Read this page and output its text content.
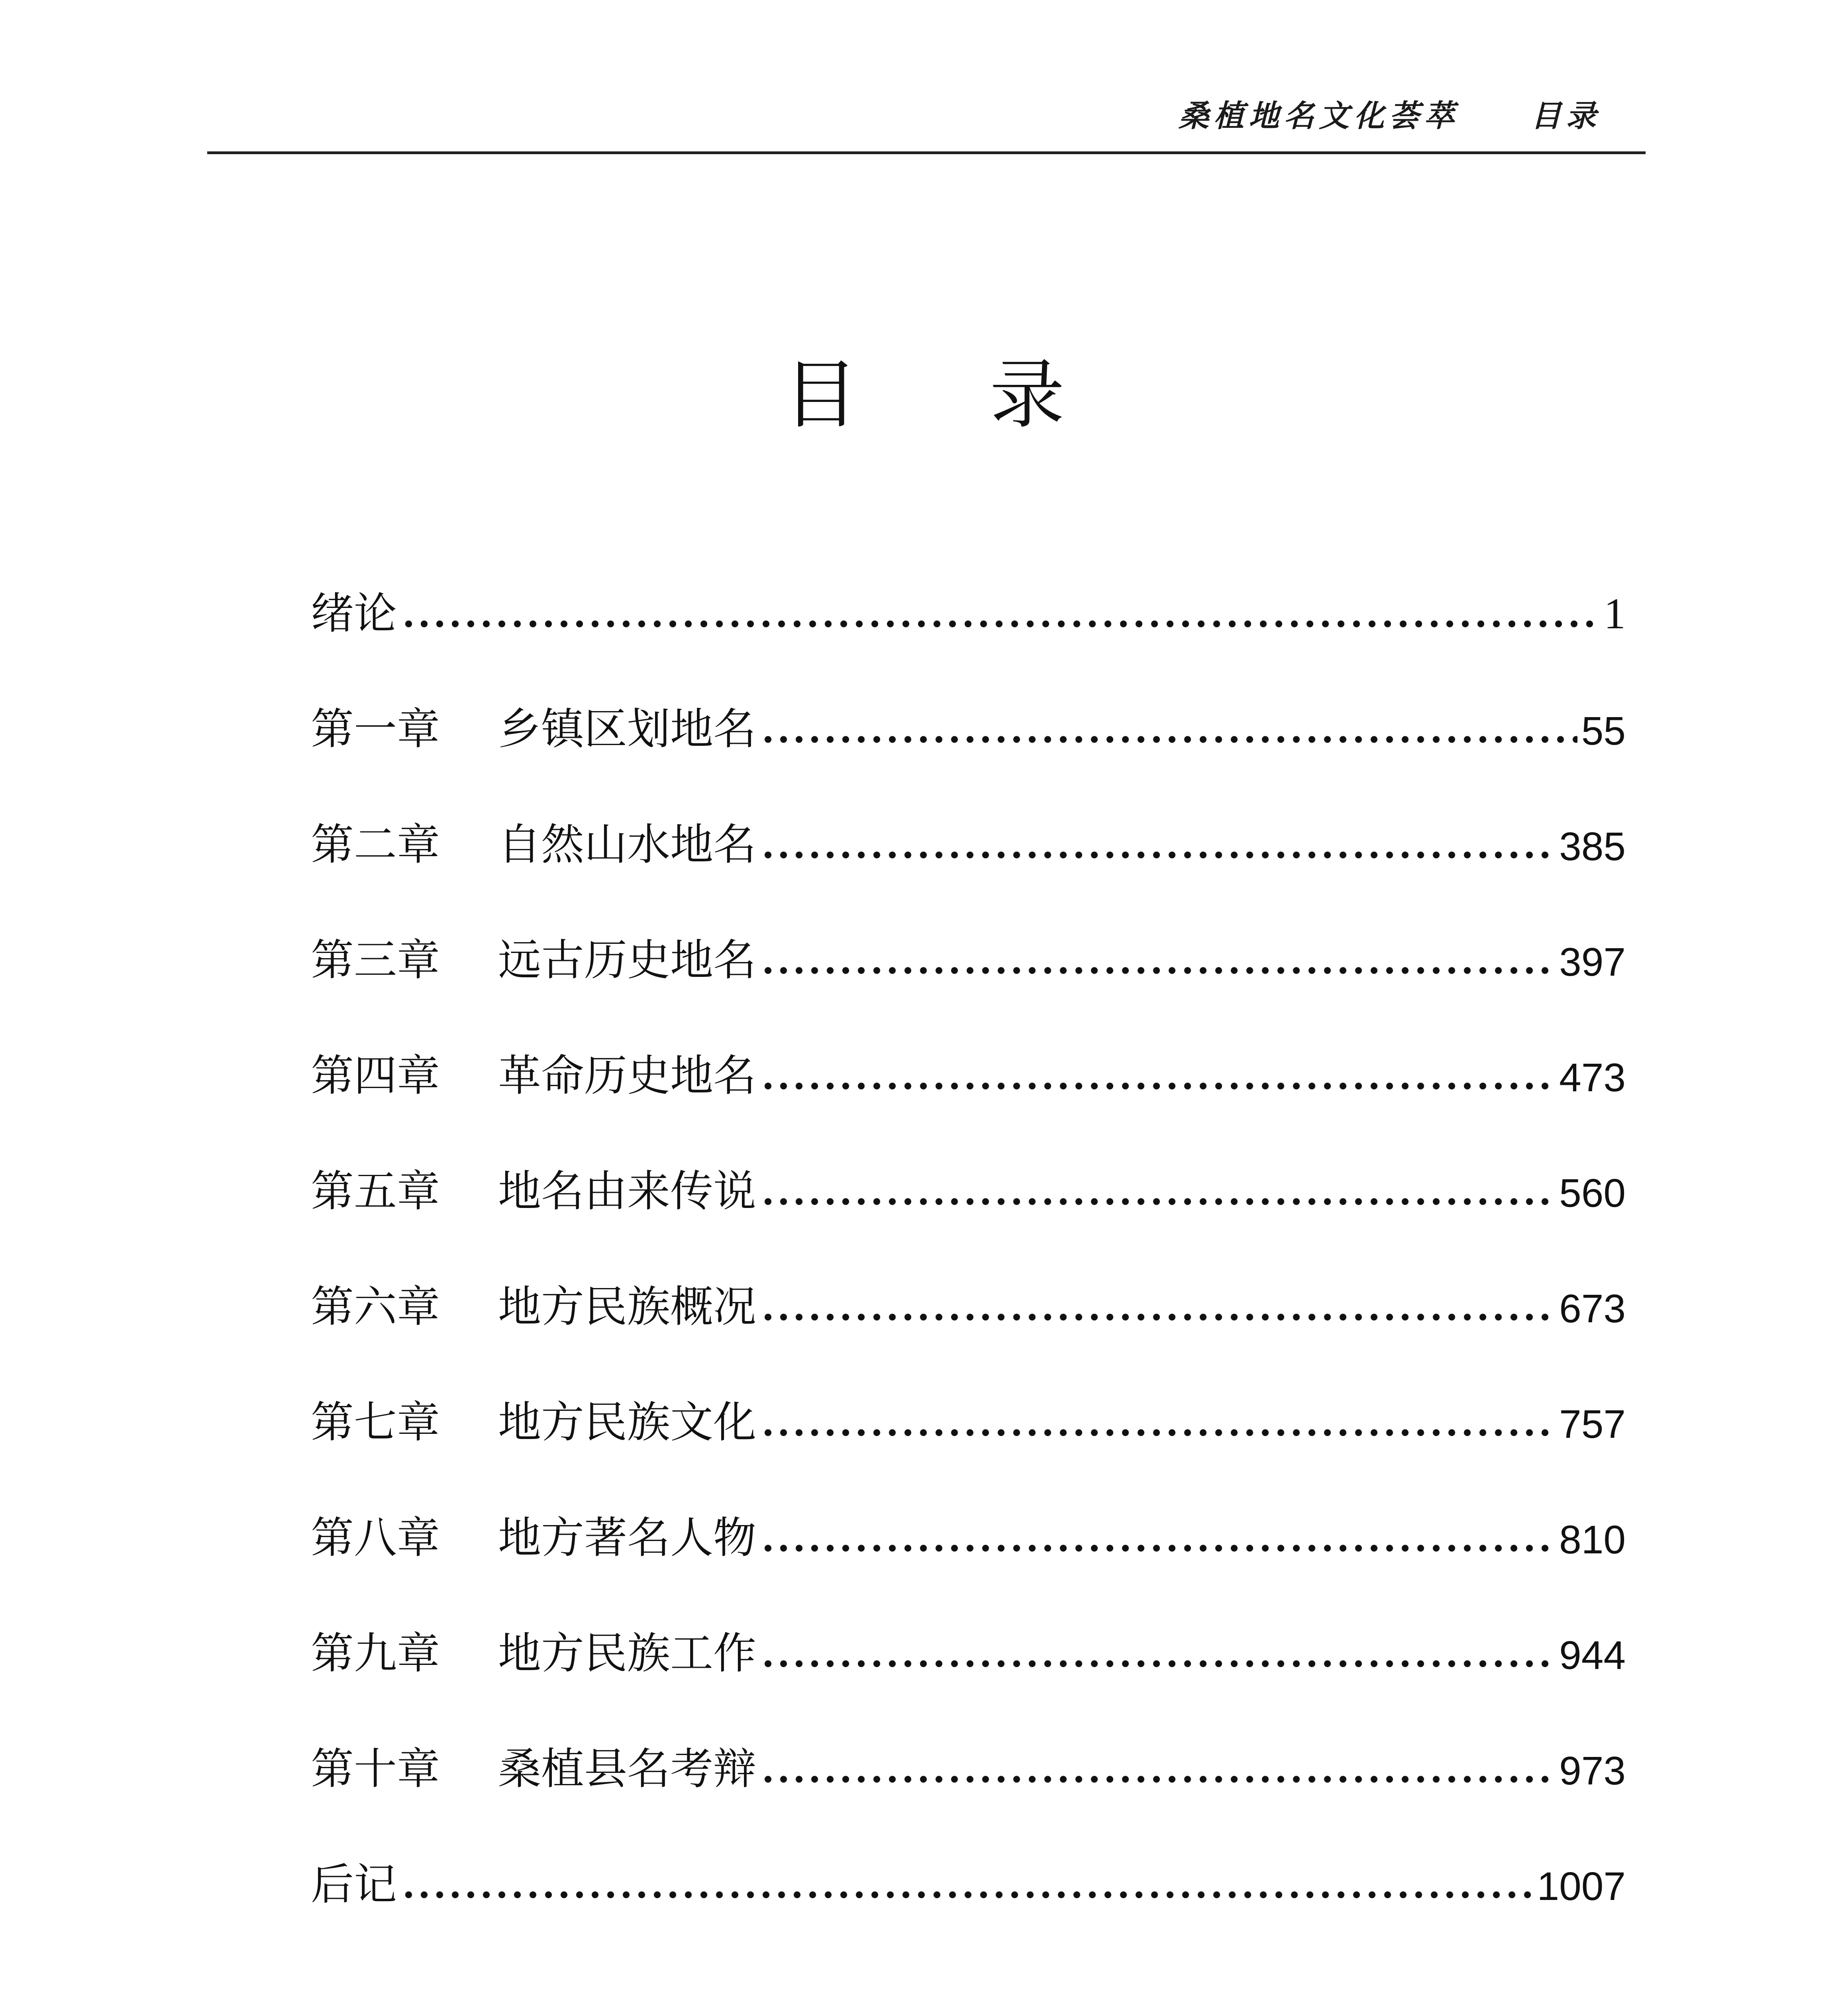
桑植地名文化荟萃 目录
目录
绪论	1
第一章	乡镇区划地名	55
第二章	自然山水地名	385
第三章	远古历史地名	397
第四章	革命历史地名	473
第五章	地名由来传说	560
第六章	地方民族概况	673
第七章	地方民族文化	757
第八章	地方著名人物	810
第九章	地方民族工作	944
第十章	桑植县名考辩	973
后记	1007
